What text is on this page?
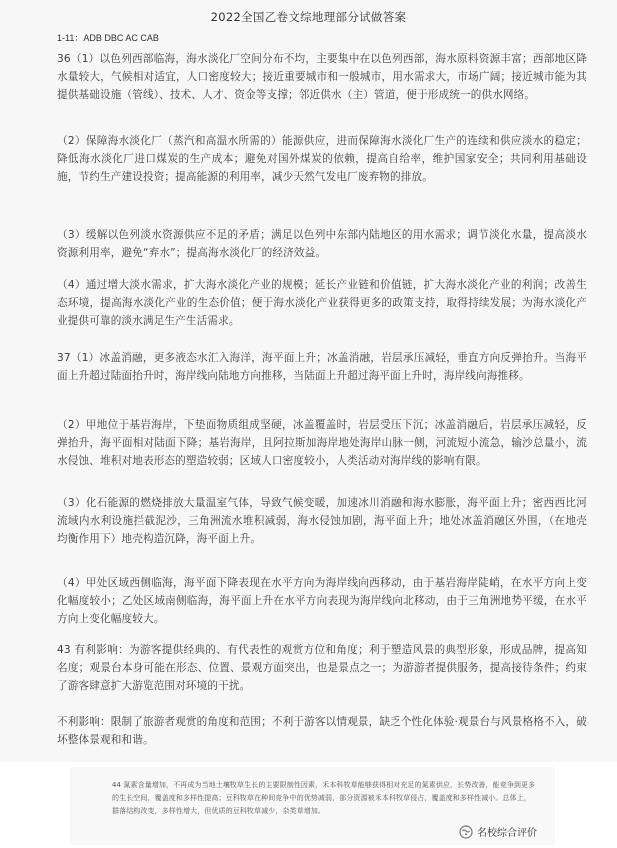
2022全国乙卷文综地理部分试做答案
1-11：ADB DBC AC CAB

36（1）以色列西部临海，海水淡化厂空间分布不均，主要集中在以色列西部，海水原料资源丰富；西部地区降水量较大，气候相对适宜，人口密度较大；接近重要城市和一般城市，用水需求大，市场广阔；接近城市能为其提供基础设施（管线）、技术、人才、资金等支撑；邻近供水（主）管道，便于形成统一的供水网络。

（2）保障海水淡化厂（蒸汽和高温水所需的）能源供应，进而保障海水淡化厂生产的连续和供应淡水的稳定；降低海水淡化厂进口煤炭的生产成本；避免对国外煤炭的依赖，提高自给率，维护国家安全；共同利用基础设施，节约生产建设投资；提高能源的利用率，减少天然气发电厂废弃物的排放。

（3）缓解以色列淡水资源供应不足的矛盾；满足以色列中东部内陆地区的用水需求；调节淡化水量，提高淡水资源利用率，避免“弃水”；提高海水淡化厂的经济效益。

（4）通过增大淡水需求，扩大海水淡化产业的规模；延长产业链和价值链，扩大海水淡化产业的利润；改善生态环境，提高海水淡化产业的生态价值；便于海水淡化产业获得更多的政策支持，取得持续发展；为海水淡化产业提供可靠的淡水满足生产生活需求。

37（1）冰盖消融，更多液态水汇入海洋，海平面上升；冰盖消融，岩层承压减轻，垂直方向反弹抬升。当海平面上升超过陆面抬升时，海岸线向陆地方向推移，当陆面上升超过海平面上升时，海岸线向海推移。

（2）甲地位于基岩海岸，下垫面物质组成坚硬，冰盖覆盖时，岩层受压下沉；冰盖消融后，岩层承压减轻，反弹抬升，海平面相对陆面下降；基岩海岸，且阿拉斯加海岸地处海岸山脉一侧，河流短小流急，输沙总量小，流水侵蚀、堆积对地表形态的塑造较弱；区域人口密度较小，人类活动对海岸线的影响有限。

（3）化石能源的燃烧排放大量温室气体，导致气候变暖，加速冰川消融和海水膨胀，海平面上升；密西西比河流域内水利设施拦截泥沙，三角洲流水堆积减弱，海水侵蚀加剧，海平面上升；地处冰盖消融区外围，（在地壳均衡作用下）地壳构造沉降，海平面上升。

（4）甲处区域西侧临海，海平面下降表现在水平方向为海岸线向西移动，由于基岩海岸陡峭，在水平方向上变化幅度较小；乙处区域南侧临海，海平面上升在水平方向表现为海岸线向北移动，由于三角洲地势平缓，在水平方向上变化幅度较大。

43 有利影响：为游客提供经典的、有代表性的观赏方位和角度；利于塑造风景的典型形象，形成品牌，提高知名度；观景台本身可能在形态、位置、景观方面突出，也是景点之一；为游游者提供服务，提高接待条件；约束了游客肆意扩大游览范围对环境的干扰。

不利影响：限制了旅游者观赏的角度和范围；不利于游客以情观景，缺乏个性化体验·观景台与风景格格不入，破坏整体景观和和谐。

44 氮素含量增加，不再成为当地土壤牧草生长的主要限制性因素，禾本科牧草能够获得相对充足的氮素供应，长势改善，能竞争到更多的生长空间，覆盖度和多样性提高；豆科牧草在种间竞争中的优势减弱，部分资源被禾本科牧草侵占，覆盖度和多样性减小。总体上，群落结构改变，多样性增大，但优质的豆科牧草减少，杂类草增加。
名校综合评价
